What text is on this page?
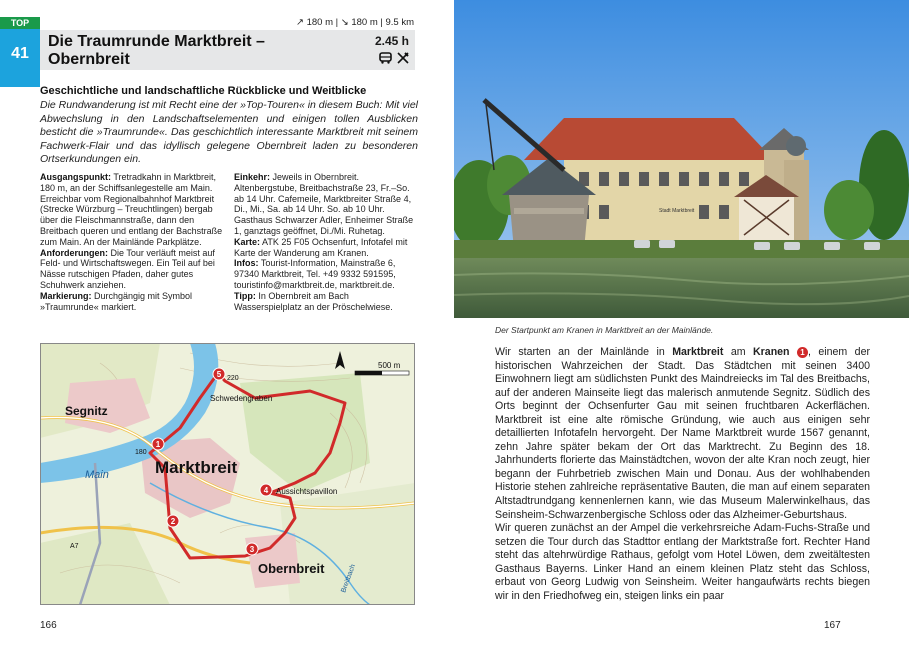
TOP
41
↗ 180 m | ↘ 180 m | 9.5 km
Die Traumrunde Marktbreit –
Obernbreit
2.45 h

Geschichtliche und landschaftliche Rückblicke und Weitblicke
Die Rundwanderung ist mit Recht eine der »Top-Touren« in diesem Buch: Mit viel Abwechslung in den Landschaftselementen und einigen tollen Ausblicken besticht die »Traumrunde«. Das geschichtlich interessante Marktbreit mit seinem Fachwerk-Flair und das idyllisch gelegene Obernbreit laden zu besonderen Ortserkundungen ein.

Ausgangspunkt: Tretradkahn in Marktbreit, 180 m, an der Schiffsanlegestelle am Main. Erreichbar vom Regionalbahnhof Marktbreit (Strecke Würzburg – Treuchtlingen) bergab über die Fleischmannstraße, dann den Breitbach queren und entlang der Bachstraße zum Main. An der Mainlände Parkplätze.

Anforderungen: Die Tour verläuft meist auf Feld- und Wirtschaftswegen. Ein Teil auf bei Nässe rutschigen Pfaden, daher gutes Schuhwerk anziehen.

Markierung: Durchgängig mit Symbol »Traumrunde« markiert.

Einkehr: Jeweils in Obernbreit. Altenbergstube, Breitbachstraße 23, Fr.–So. ab 14 Uhr. Cafemeile, Marktbreiter Straße 4, Di., Mi., Sa. ab 14 Uhr. So. ab 10 Uhr. Gasthaus Schwarzer Adler, Enheimer Straße 1, ganztags geöffnet, Di./Mi. Ruhetag.

Karte: ATK 25 F05 Ochsenfurt, Infotafel mit Karte der Wanderung am Kranen.

Infos: Tourist-Information, Mainstraße 6, 97340 Marktbreit, Tel. +49 9332 591595, touristinfo@marktbreit.de, marktbreit.de.

Tipp: In Obernbreit am Bach Wasserspielplatz an der Pröschelwiese.

1
2
3
4
5
Segnitz
Marktbreit
Obernbreit
Main
Schwedengraben
Aussichtspavillon
220
180
500 m
A7
Breitbach
166
Stadt Marktbreit
Der Startpunkt am Kranen in Marktbreit an der Mainlände.

Wir starten an der Mainlände in Marktbreit am Kranen 1 , einem der historischen Wahrzeichen der Stadt. Das Städtchen mit seinen 3400 Einwohnern liegt am südlichsten Punkt des Maindreiecks im Tal des Breitbachs, auf der anderen Mainseite liegt das malerisch anmutende Segnitz. Südlich des Orts beginnt der Ochsenfurter Gau mit seinen fruchtbaren Ackerflächen. Marktbreit ist eine alte römische Gründung, wie auch aus einigen sehr detaillierten Infotafeln hervorgeht. Der Name Marktbreit wurde 1567 genannt, zehn Jahre später bekam der Ort das Marktrecht. Zu Beginn des 18. Jahrhunderts florierte das Mainstädtchen, wovon der alte Kran noch zeugt, hier begann der Fuhrbetrieb zwischen Main und Donau. Aus der wohlhabenden Historie stehen zahlreiche repräsentative Bauten, die man auf einem separaten Altstadtrundgang kennenlernen kann, wie das Museum Malerwinkelhaus, das Seinsheim-Schwarzenbergische Schloss oder das Alzheimer-Geburtshaus.

Wir queren zunächst an der Ampel die verkehrsreiche Adam-Fuchs-Straße und setzen die Tour durch das Stadttor entlang der Marktstraße fort. Rechter Hand steht das altehrwürdige Rathaus, gefolgt vom Hotel Löwen, dem zweitältesten Gasthaus Bayerns. Linker Hand an einem kleinen Platz steht das Schloss, erbaut von Georg Ludwig von Seinsheim. Weiter hangaufwärts rechts biegen wir in den Friedhofweg ein, steigen links ein paar

167
